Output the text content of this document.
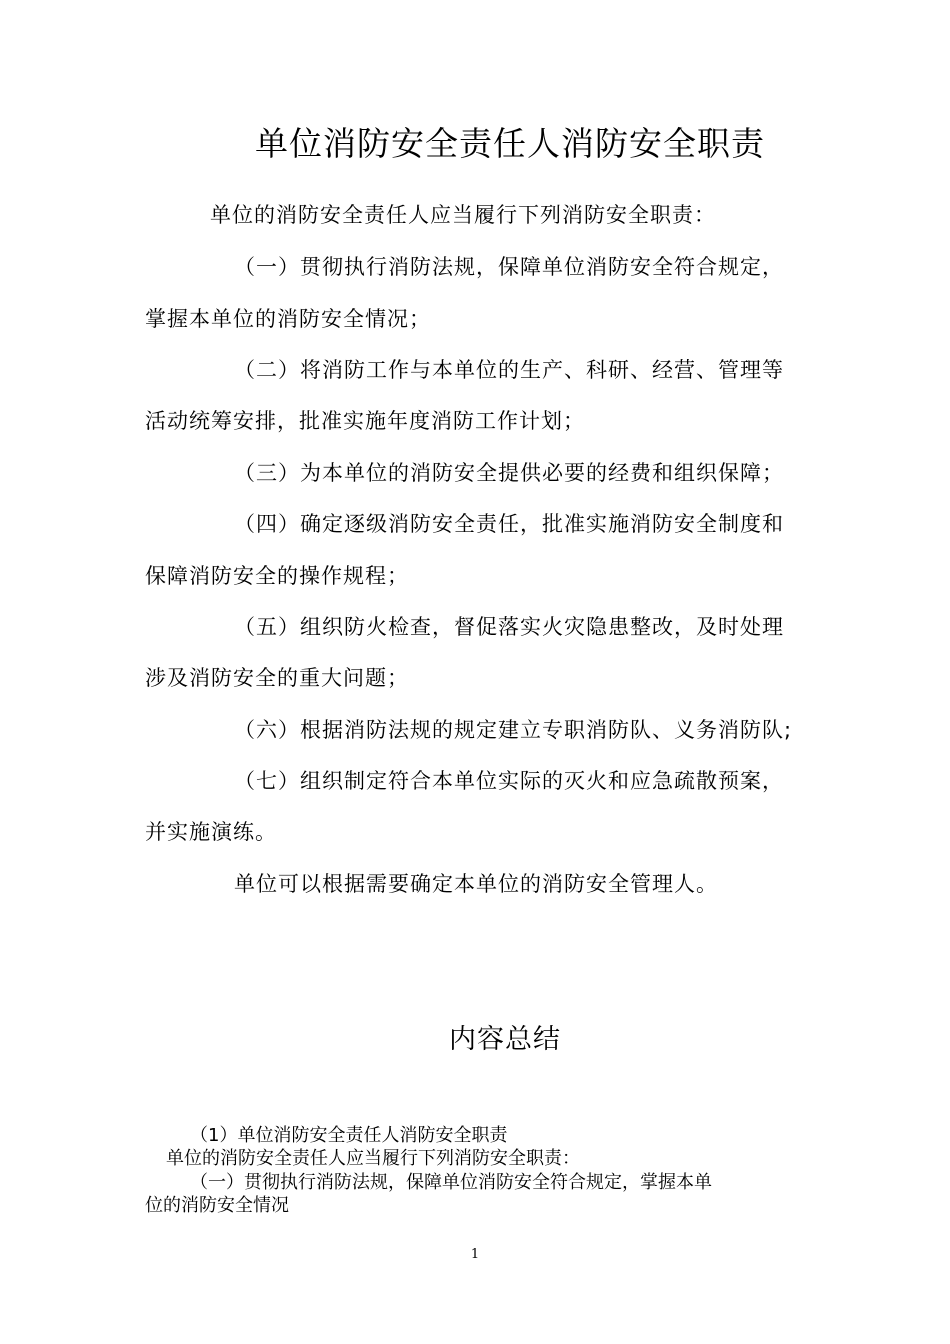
单位消防安全责任人消防安全职责
单位的消防安全责任人应当履行下列消防安全职责：
（一）贯彻执行消防法规，保障单位消防安全符合规定，
掌握本单位的消防安全情况；
（二）将消防工作与本单位的生产、科研、经营、管理等
活动统筹安排，批准实施年度消防工作计划；
（三）为本单位的消防安全提供必要的经费和组织保障；
（四）确定逐级消防安全责任，批准实施消防安全制度和
保障消防安全的操作规程；
（五）组织防火检查，督促落实火灾隐患整改，及时处理
涉及消防安全的重大问题；
（六）根据消防法规的规定建立专职消防队、义务消防队;
（七）组织制定符合本单位实际的灭火和应急疏散预案，
并实施演练。
单位可以根据需要确定本单位的消防安全管理人。
内容总结
（1）单位消防安全责任人消防安全职责
单位的消防安全责任人应当履行下列消防安全职责：
（一）贯彻执行消防法规，保障单位消防安全符合规定，掌握本单
位的消防安全情况
1
